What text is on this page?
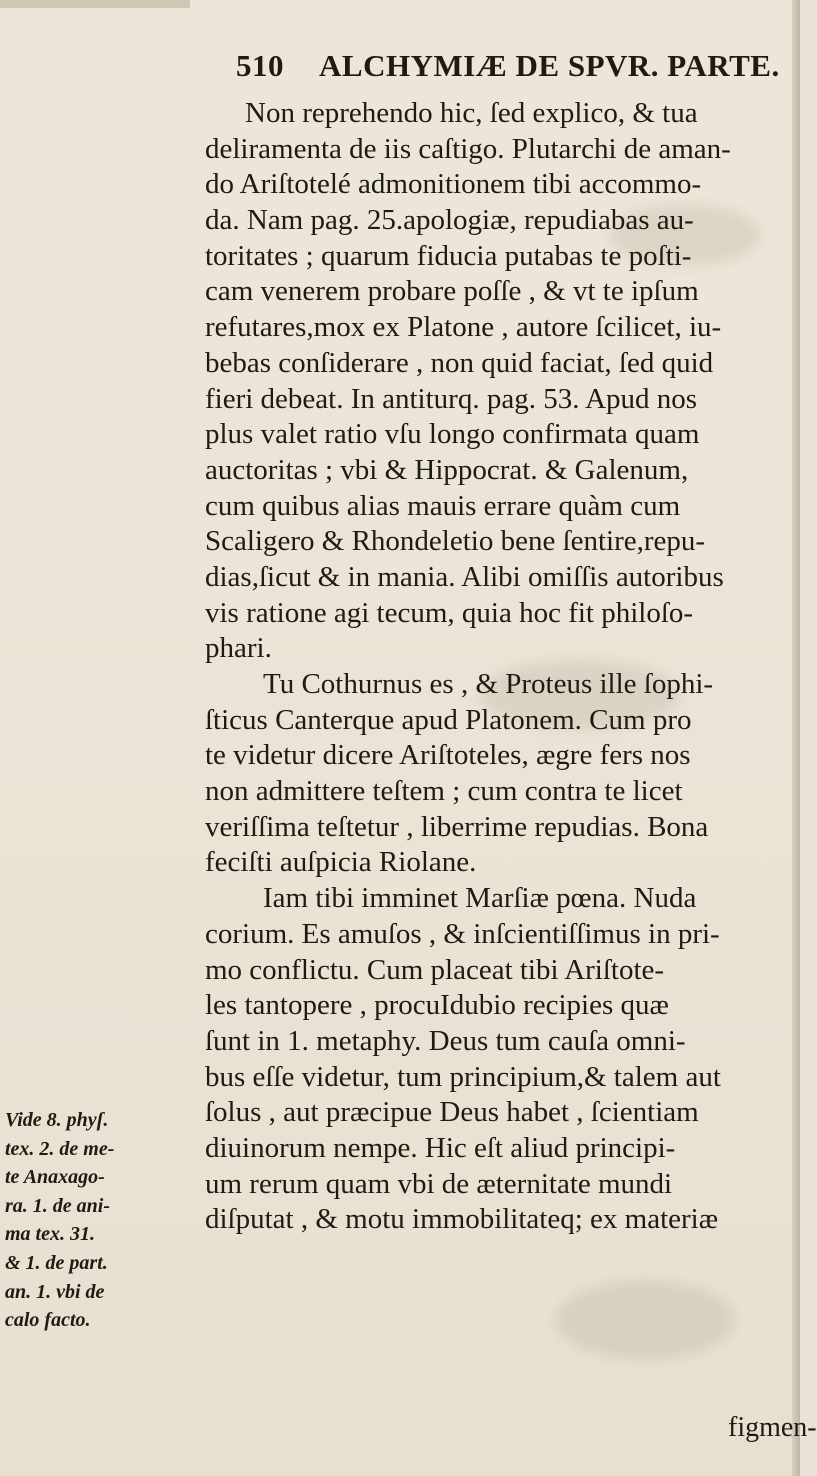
510 ALCHYMIÆ DE SPVR. PARTE.
Non reprehendo hic, ſed explico, & tua
deliramenta de iis caſtigo. Plutarchi de aman-
do Ariſtotelé admonitionem tibi accommo-
da. Nam pag. 25.apologiæ, repudiabas au-
toritates ; quarum fiducia putabas te poſti-
cam venerem probare poſſe , & vt te ipſum
refutares,mox ex Platone , autore ſcilicet, iu-
bebas conſiderare , non quid faciat, ſed quid
fieri debeat. In antiturq. pag. 53. Apud nos
plus valet ratio vſu longo confirmata quam
auctoritas ; vbi & Hippocrat. & Galenum,
cum quibus alias mauis errare quàm cum
Scaligero & Rhondeletio bene ſentire,repu-
dias,ſicut & in mania. Alibi omiſſis autoribus
vis ratione agi tecum, quia hoc fit philoſo-
phari.
Tu Cothurnus es , & Proteus ille ſophi-
ſticus Canterque apud Platonem. Cum pro
te videtur dicere Ariſtoteles, ægre fers nos
non admittere teſtem ; cum contra te licet
veriſſima teſtetur , liberrime repudias. Bona
feciſti auſpicia Riolane.
Iam tibi imminet Marſiæ pœna. Nuda
corium. Es amuſos , & inſcientiſſimus in pri-
mo conflictu. Cum placeat tibi Ariſtote-
les tantopere , procuIdubio recipies quæ
ſunt in 1. metaphy. Deus tum cauſa omni-
bus eſſe videtur, tum principium,& talem aut
ſolus , aut præcipue Deus habet , ſcientiam
diuinorum nempe. Hic eſt aliud principi-
um rerum quam vbi de æternitate mundi
diſputat , & motu immobilitateq; ex materiæ
Vide 8. phyſ.
tex. 2. de me-
te Anaxago-
ra. 1. de ani-
ma tex. 31.
& 1. de part.
an. 1. vbi de
calo facto.
figmen-
